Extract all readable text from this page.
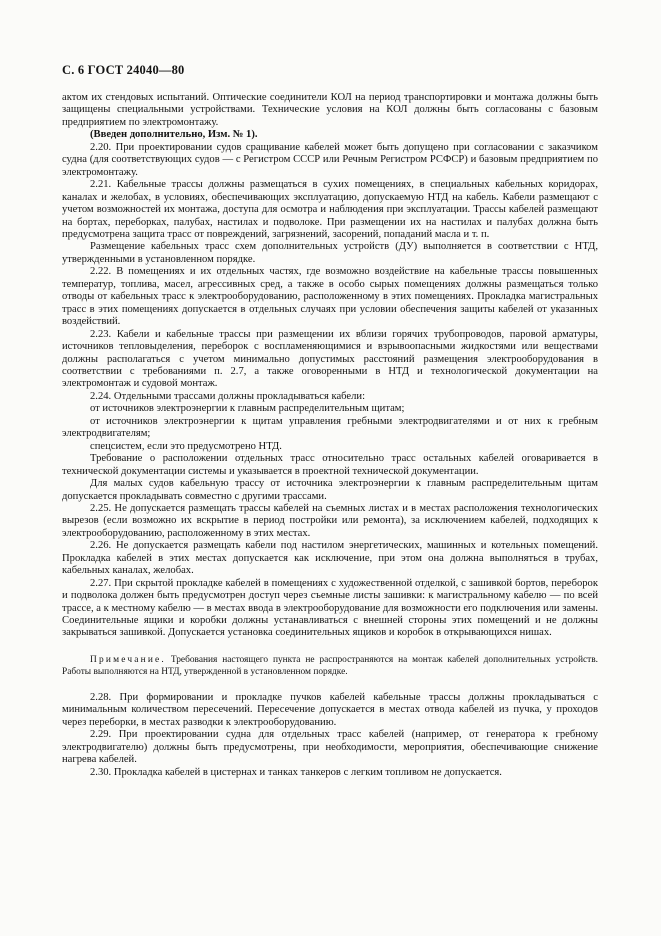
С. 6 ГОСТ 24040—80

актом их стендовых испытаний. Оптические соединители КОЛ на период транспортировки и монтажа должны быть защищены специальными устройствами. Технические условия на КОЛ должны быть согласованы с базовым предприятием по электромонтажу.

(Введен дополнительно, Изм. № 1).

2.20. При проектировании судов сращивание кабелей может быть допущено при согласовании с заказчиком судна (для соответствующих судов — с Регистром СССР или Речным Регистром РСФСР) и базовым предприятием по электромонтажу.

2.21. Кабельные трассы должны размещаться в сухих помещениях, в специальных кабельных коридорах, каналах и желобах, в условиях, обеспечивающих эксплуатацию, допускаемую НТД на кабель. Кабели размещают с учетом возможностей их монтажа, доступа для осмотра и наблюдения при эксплуатации. Трассы кабелей размещают на бортах, переборках, палубах, настилах и подволоке. При размещении их на настилах и палубах должна быть предусмотрена защита трасс от повреждений, загрязнений, засорений, попаданий масла и т. п.

Размещение кабельных трасс схем дополнительных устройств (ДУ) выполняется в соответствии с НТД, утвержденными в установленном порядке.

2.22. В помещениях и их отдельных частях, где возможно воздействие на кабельные трассы повышенных температур, топлива, масел, агрессивных сред, а также в особо сырых помещениях должны размещаться только отводы от кабельных трасс к электрооборудованию, расположенному в этих помещениях. Прокладка магистральных трасс в этих помещениях допускается в отдельных случаях при условии обеспечения защиты кабелей от указанных воздействий.

2.23. Кабели и кабельные трассы при размещении их вблизи горячих трубопроводов, паровой арматуры, источников тепловыделения, переборок с воспламеняющимися и взрывоопасными жидкостями или веществами должны располагаться с учетом минимально допустимых расстояний размещения электрооборудования в соответствии с требованиями п. 2.7, а также оговоренными в НТД и технологической документации на электромонтаж и судовой монтаж.

2.24. Отдельными трассами должны прокладываться кабели:

от источников электроэнергии к главным распределительным щитам;

от источников электроэнергии к щитам управления гребными электродвигателями и от них к гребным электродвигателям;

спецсистем, если это предусмотрено НТД.

Требование о расположении отдельных трасс относительно трасс остальных кабелей оговаривается в технической документации системы и указывается в проектной технической документации.

Для малых судов кабельную трассу от источника электроэнергии к главным распределительным щитам допускается прокладывать совместно с другими трассами.

2.25. Не допускается размещать трассы кабелей на съемных листах и в местах расположения технологических вырезов (если возможно их вскрытие в период постройки или ремонта), за исключением кабелей, подходящих к электрооборудованию, расположенному в этих местах.

2.26. Не допускается размещать кабели под настилом энергетических, машинных и котельных помещений. Прокладка кабелей в этих местах допускается как исключение, при этом она должна выполняться в трубах, кабельных каналах, желобах.

2.27. При скрытой прокладке кабелей в помещениях с художественной отделкой, с зашивкой бортов, переборок и подволока должен быть предусмотрен доступ через съемные листы зашивки: к магистральному кабелю — по всей трассе, а к местному кабелю — в местах ввода в электрооборудование для возможности его подключения или замены. Соединительные ящики и коробки должны устанавливаться с внешней стороны этих помещений и не должны закрываться зашивкой. Допускается установка соединительных ящиков и коробок в открывающихся нишах.

Примечание. Требования настоящего пункта не распространяются на монтаж кабелей дополнительных устройств. Работы выполняются на НТД, утвержденной в установленном порядке.

2.28. При формировании и прокладке пучков кабелей кабельные трассы должны прокладываться с минимальным количеством пересечений. Пересечение допускается в местах отвода кабелей из пучка, у проходов через переборки, в местах разводки к электрооборудованию.

2.29. При проектировании судна для отдельных трасс кабелей (например, от генератора к гребному электродвигателю) должны быть предусмотрены, при необходимости, мероприятия, обеспечивающие снижение нагрева кабелей.

2.30. Прокладка кабелей в цистернах и танках танкеров с легким топливом не допускается.
